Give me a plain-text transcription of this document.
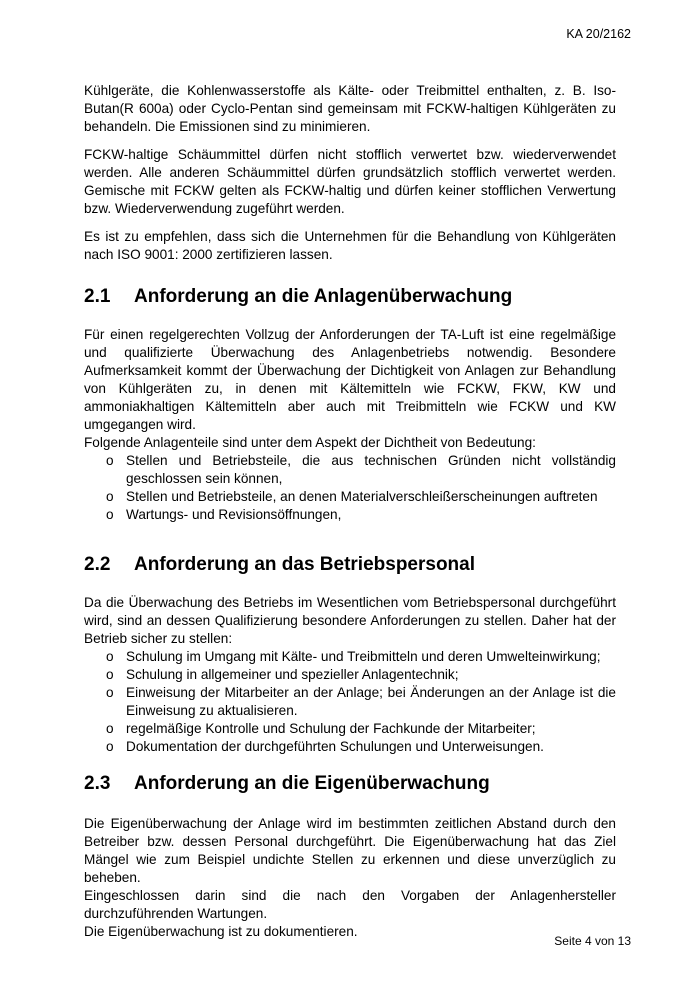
KA 20/2162

Kühlgeräte, die Kohlenwasserstoffe als Kälte- oder Treibmittel enthalten, z. B. Iso-Butan(R 600a) oder Cyclo-Pentan sind gemeinsam mit FCKW-haltigen Kühlgeräten zu behandeln. Die Emissionen sind zu minimieren.

FCKW-haltige Schäummittel dürfen nicht stofflich verwertet bzw. wiederverwendet werden. Alle anderen Schäummittel dürfen grundsätzlich stofflich verwertet werden. Gemische mit FCKW gelten als FCKW-haltig und dürfen keiner stofflichen Verwertung bzw. Wiederverwendung zugeführt werden.

Es ist zu empfehlen, dass sich die Unternehmen für die Behandlung von Kühlgeräten nach ISO 9001: 2000 zertifizieren lassen.

2.1	Anforderung an die Anlagenüberwachung

Für einen regelgerechten Vollzug der Anforderungen der TA-Luft ist eine regelmäßige und qualifizierte Überwachung des Anlagenbetriebs notwendig. Besondere Aufmerksamkeit kommt der Überwachung der Dichtigkeit von Anlagen zur Behandlung von Kühlgeräten zu, in denen mit Kältemitteln wie FCKW, FKW, KW und ammoniakhaltigen Kältemitteln aber auch mit Treibmitteln wie FCKW und KW umgegangen wird.

Folgende Anlagenteile sind unter dem Aspekt der Dichtheit von Bedeutung:

o Stellen und Betriebsteile, die aus technischen Gründen nicht vollständig geschlossen sein können,
o Stellen und Betriebsteile, an denen Materialverschleißerscheinungen auftreten
o Wartungs- und Revisionsöffnungen,
2.2	Anforderung an das Betriebspersonal

Da die Überwachung des Betriebs im Wesentlichen vom Betriebspersonal durchgeführt wird, sind an dessen Qualifizierung besondere Anforderungen zu stellen. Daher hat der Betrieb sicher zu stellen:

o Schulung im Umgang mit Kälte- und Treibmitteln und deren Umwelteinwirkung;
o Schulung in allgemeiner und spezieller Anlagentechnik;
o Einweisung der Mitarbeiter an der Anlage; bei Änderungen an der Anlage ist die Einweisung zu aktualisieren.
o regelmäßige Kontrolle und Schulung der Fachkunde der Mitarbeiter;
o Dokumentation der durchgeführten Schulungen und Unterweisungen.
2.3	Anforderung an die Eigenüberwachung

Die Eigenüberwachung der Anlage wird im bestimmten zeitlichen Abstand durch den Betreiber bzw. dessen Personal durchgeführt. Die Eigenüberwachung hat das Ziel Mängel wie zum Beispiel undichte Stellen zu erkennen und diese unverzüglich zu beheben.

Eingeschlossen darin sind die nach den Vorgaben der Anlagenhersteller durchzuführenden Wartungen.

Die Eigenüberwachung ist zu dokumentieren.

Seite 4 von 13
